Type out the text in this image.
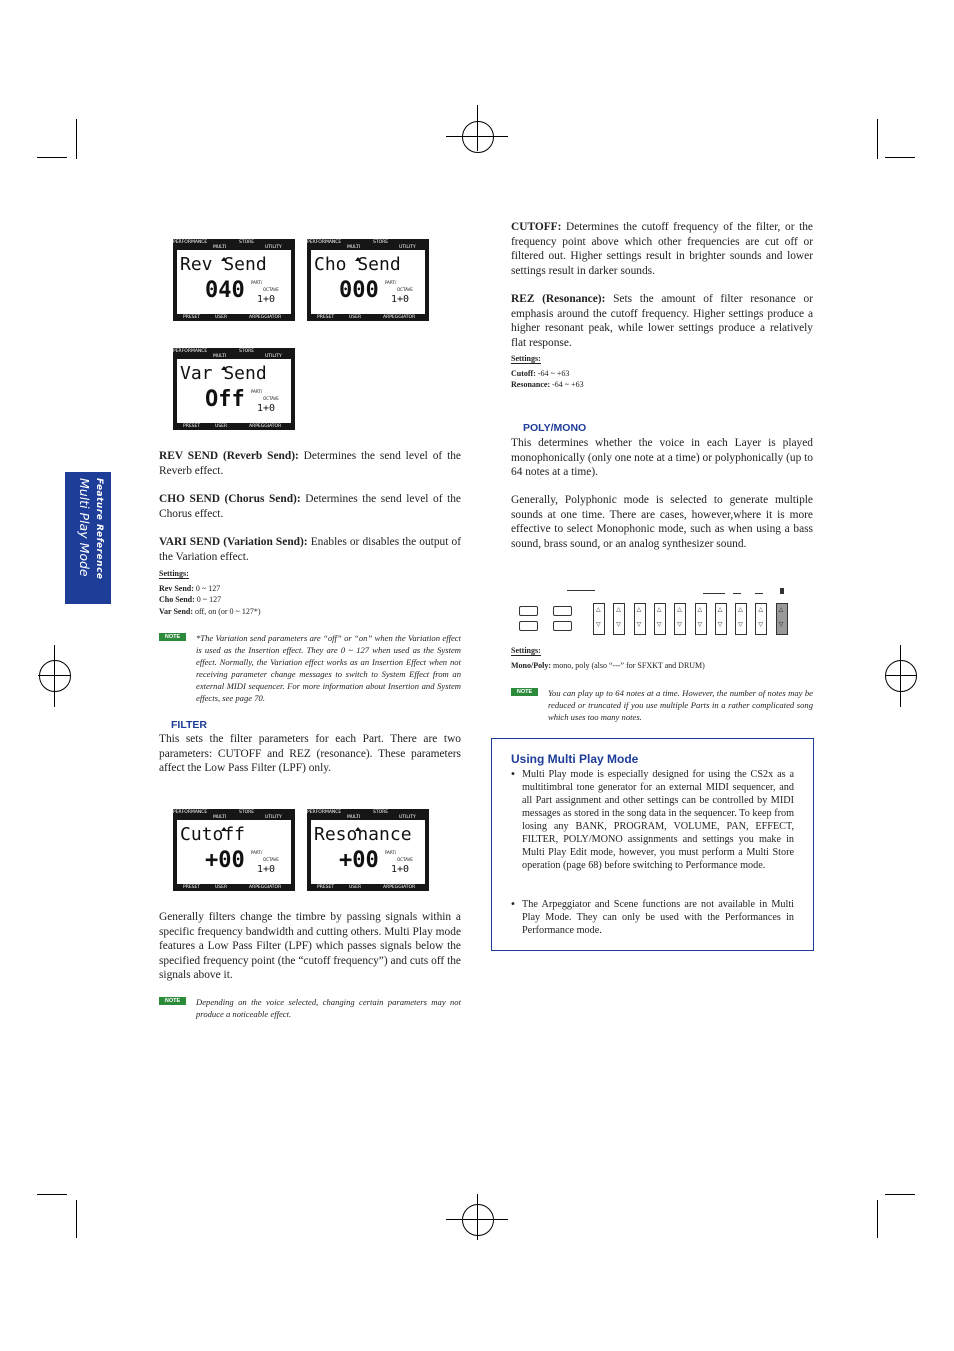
Feature Reference
Multi Play Mode
PERFORMANCE	STORE
MULTI	UTILITY
Rev Send
040 PART/
OCTAVE
1+0
PRESET	USER	ARPEGGIATOR
PERFORMANCE	STORE
MULTI	UTILITY
Cho Send
000 PART/
OCTAVE
1+0
PRESET	USER	ARPEGGIATOR
PERFORMANCE	STORE
MULTI	UTILITY
Var Send
Off PART/
OCTAVE
1+0
PRESET	USER	ARPEGGIATOR
PERFORMANCE	STORE
MULTI	UTILITY
Cutoff
+00 PART/
OCTAVE
1+0
PRESET	USER	ARPEGGIATOR
PERFORMANCE	STORE
MULTI	UTILITY
Resonance
+00 PART/
OCTAVE
1+0
PRESET	USER	ARPEGGIATOR
REV SEND (Reverb Send): Determines the send level of the Reverb effect.
CHO SEND (Chorus Send): Determines the send level of the Chorus effect.
VARI SEND (Variation Send): Enables or disables the output of the Variation effect.
Settings:
Rev Send: 0 ~ 127
Cho Send: 0 ~ 127
Var Send: off, on (or 0 ~ 127*)
NOTE	*The Variation send parameters are “off” or “on” when the Variation effect is used as the Insertion effect. They are 0 ~ 127 when used as the System effect. Normally, the Variation effect works as an Insertion Effect when not receiving parameter change messages to switch to System Effect from an external MIDI sequencer. For more information about Insertion and System effects, see page 70.
FILTER
This sets the filter parameters for each Part. There are two parameters: CUTOFF and REZ (resonance). These parameters affect the Low Pass Filter (LPF) only.
Generally filters change the timbre by passing signals within a specific frequency bandwidth and cutting others. Multi Play mode features a Low Pass Filter (LPF) which passes signals below the specified frequency point (the “cutoff frequency”) and cuts off the signals above it.
NOTE	Depending on the voice selected, changing certain parameters may not produce a noticeable effect.
CUTOFF: Determines the cutoff frequency of the filter, or the frequency point above which other frequencies are cut off or filtered out. Higher settings result in brighter sounds and lower settings result in darker sounds.
REZ (Resonance): Sets the amount of filter resonance or emphasis around the cutoff frequency. Higher settings produce a higher resonant peak, while lower settings produce a relatively flat response.
Settings:
Cutoff: -64 ~ +63
Resonance: -64 ~ +63
POLY/MONO
This determines whether the voice in each Layer is played monophonically (only one note at a time) or polyphonically (up to 64 notes at a time).
Generally, Polyphonic mode is selected to generate multiple sounds at one time. There are cases, however,where it is more effective to select Monophonic mode, such as when using a bass sound, brass sound, or an analog synthesizer sound.
△
▽
△
▽
△
▽
△
▽
△
▽
△
▽
△
▽
△
▽
△
▽
△
▽
Settings:
Mono/Poly: mono, poly (also “---” for SFXKT and DRUM)
NOTE	You can play up to 64 notes at a time. However, the number of notes may be reduced or truncated if you use multiple Parts in a rather complicated song which uses too many notes.
Using Multi Play Mode
• Multi Play mode is especially designed for using the CS2x as a multitimbral tone generator for an external MIDI sequencer, and all Part assignment and other settings can be controlled by MIDI messages as stored in the song data in the sequencer. To keep from losing any BANK, PROGRAM, VOLUME, PAN, EFFECT, FILTER, POLY/MONO assignments and settings you make in Multi Play Edit mode, however, you must perform a Multi Store operation (page 68) before switching to Performance mode.
• The Arpeggiator and Scene functions are not available in Multi Play Mode. They can only be used with the Performances in Performance mode.
